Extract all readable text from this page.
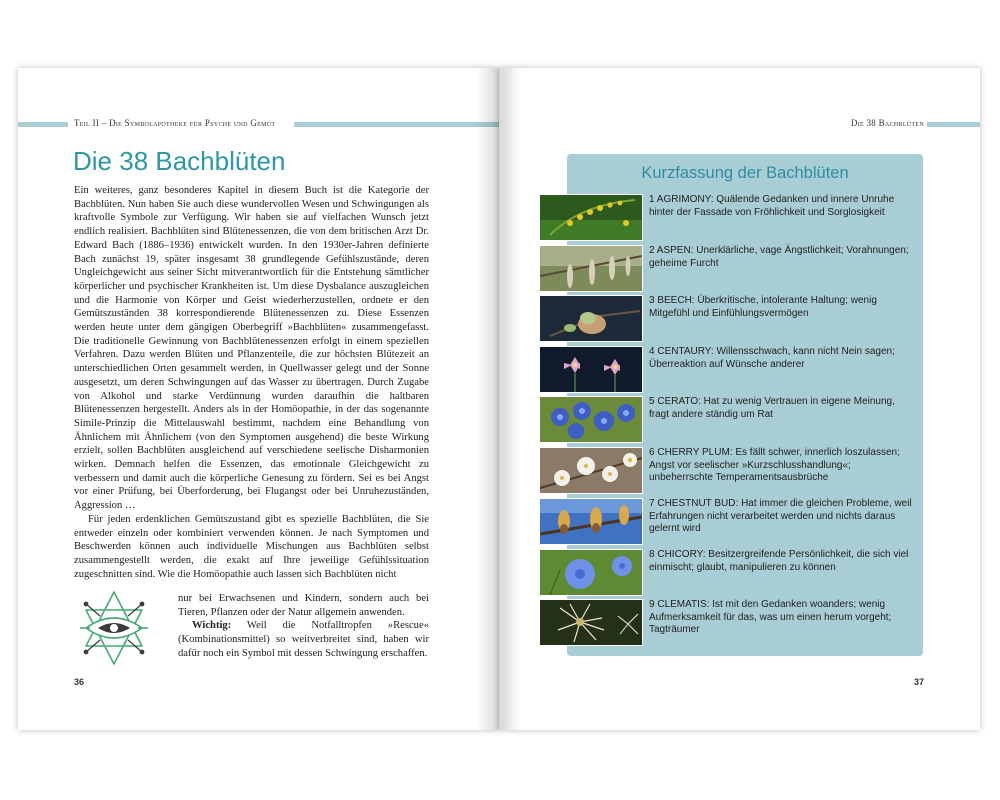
Teil II – Die Symbolapotheke für Psyche und Gemüt
Die 38 Bachblüten

Ein weiteres, ganz besonderes Kapitel in diesem Buch ist die Kategorie der Bachblüten. Nun haben Sie auch diese wundervollen Wesen und Schwingungen als kraftvolle Symbole zur Verfügung. Wir haben sie auf vielfachen Wunsch jetzt endlich realisiert. Bachblüten sind Blütenessenzen, die von dem britischen Arzt Dr. Edward Bach (1886–1936) entwickelt wurden. In den 1930er-Jahren definierte Bach zunächst 19, später insgesamt 38 grundlegende Gefühlszustände, deren Ungleichgewicht aus seiner Sicht mitverantwortlich für die Entstehung sämtlicher körperlicher und psychischer Krankheiten ist. Um diese Dysbalance auszugleichen und die Harmonie von Körper und Geist wiederherzustellen, ordnete er den Gemütszuständen 38 korrespondierende Blütenessenzen zu. Diese Essenzen werden heute unter dem gängigen Oberbegriff »Bachblüten« zusammengefasst. Die traditionelle Gewinnung von Bachblütenessenzen erfolgt in einem speziellen Verfahren. Dazu werden Blüten und Pflanzenteile, die zur höchsten Blütezeit an unterschiedlichen Orten gesammelt werden, in Quellwasser gelegt und der Sonne ausgesetzt, um deren Schwingungen auf das Wasser zu übertragen. Durch Zugabe von Alkohol und starke Verdünnung wurden daraufhin die haltbaren Blütenessenzen hergestellt. Anders als in der Homöopathie, in der das sogenannte Simile-Prinzip die Mittelauswahl bestimmt, nachdem eine Behandlung von Ähnlichem mit Ähnlichem (von den Symptomen ausgehend) die beste Wirkung erzielt, sollen Bachblüten ausgleichend auf verschiedene seelische Disharmonien wirken. Demnach helfen die Essenzen, das emotionale Gleichgewicht zu verbessern und damit auch die körperliche Genesung zu fördern. Sei es bei Angst vor einer Prüfung, bei Überforderung, bei Flugangst oder bei Unruhezuständen, Aggression …

Für jeden erdenklichen Gemütszustand gibt es spezielle Bachblüten, die Sie entweder einzeln oder kombiniert verwenden können. Je nach Symptomen und Beschwerden können auch individuelle Mischungen aus Bachblüten selbst zusammengestellt werden, die exakt auf Ihre jeweilige Gefühlssituation zugeschnitten sind. Wie die Homöopathie auch lassen sich Bachblüten nicht

nur bei Erwachsenen und Kindern, sondern auch bei Tieren, Pflanzen oder der Natur allgemein anwenden.

Wichtig: Weil die Notfalltropfen »Rescue« (Kombinationsmittel) so weitverbreitet sind, haben wir dafür noch ein Symbol mit dessen Schwingung erschaffen.

36
Die 38 Bachblüten
Kurzfassung der Bachblüten
1 AGRIMONY: Quälende Gedanken und innere Unruhe hinter der Fassade von Fröhlichkeit und Sorglosigkeit
2 ASPEN: Unerklärliche, vage Ängstlichkeit; Vorahnungen; geheime Furcht
3 BEECH: Überkritische, intolerante Haltung; wenig Mitgefühl und Einfühlungsvermögen
4 CENTAURY: Willensschwach, kann nicht Nein sagen; Überreaktion auf Wünsche anderer
5 CERATO: Hat zu wenig Vertrauen in eigene Meinung, fragt andere ständig um Rat
6 CHERRY PLUM: Es fällt schwer, innerlich loszulassen; Angst vor seelischer »Kurzschlusshandlung«; unbeherrschte Temperamentsausbrüche
7 CHESTNUT BUD: Hat immer die gleichen Probleme, weil Erfahrungen nicht verarbeitet werden und nichts daraus gelernt wird
8 CHICORY: Besitzergreifende Persönlichkeit, die sich viel einmischt; glaubt, manipulieren zu können
9 CLEMATIS: Ist mit den Gedanken woanders; wenig Aufmerksamkeit für das, was um einen herum vorgeht; Tagträumer
37
